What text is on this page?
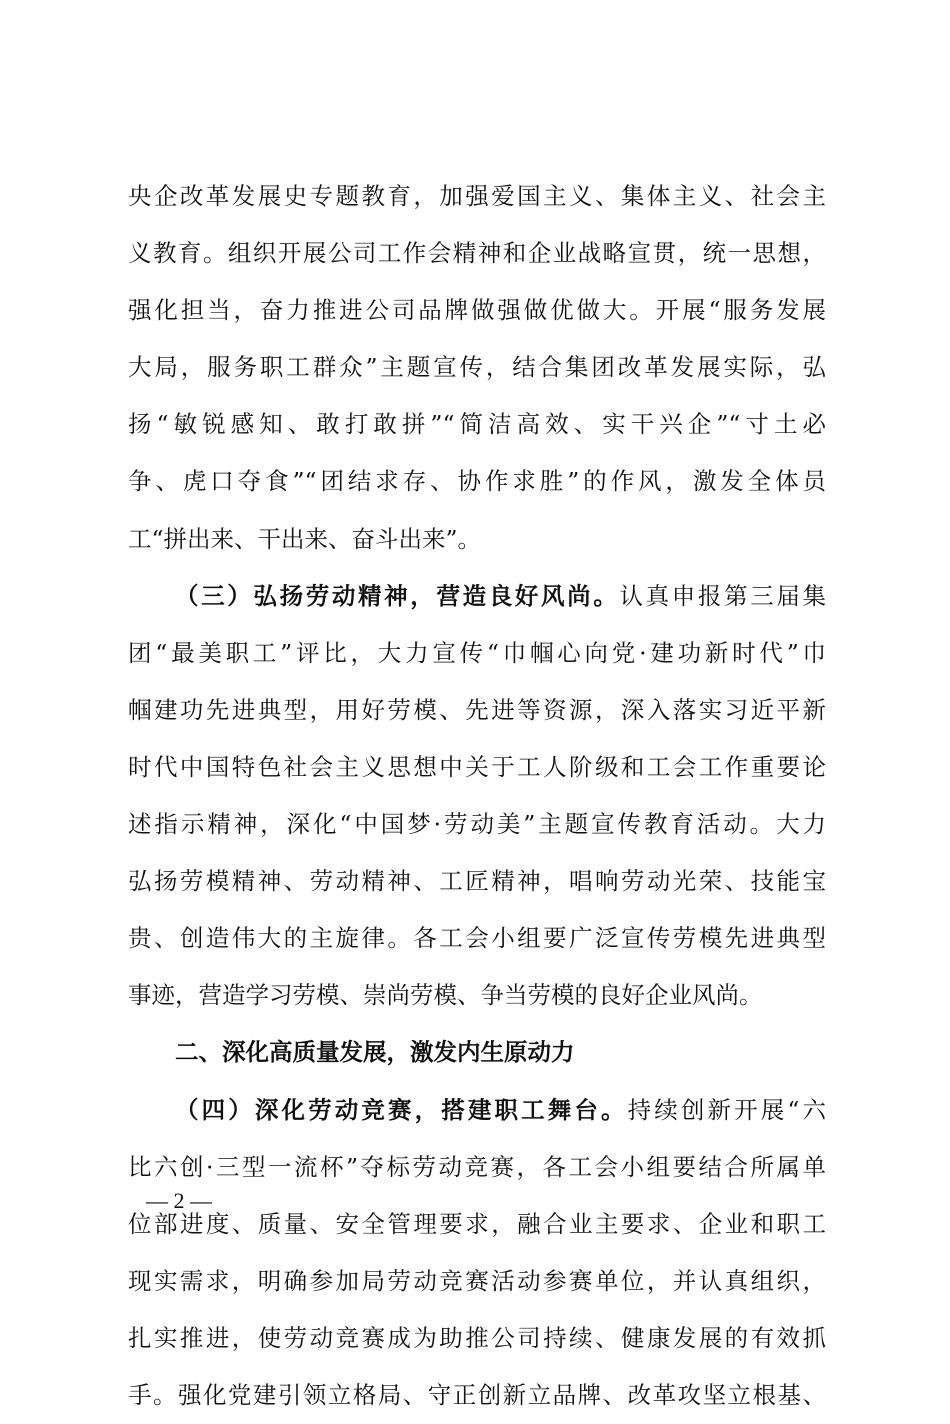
央企改革发展史专题教育，加强爱国主义、集体主义、社会主
义教育。组织开展公司工作会精神和企业战略宣贯，统一思想，
强化担当，奋力推进公司品牌做强做优做大。开展“服务发展
大局，服务职工群众”主题宣传，结合集团改革发展实际，弘
扬“敏锐感知、敢打敢拼”“简洁高效、实干兴企”“寸土必
争、虎口夺食”“团结求存、协作求胜”的作风，激发全体员
工“拼出来、干出来、奋斗出来”。
（三）弘扬劳动精神，营造良好风尚。认真申报第三届集
团“最美职工”评比，大力宣传“巾帼心向党·建功新时代”巾
帼建功先进典型，用好劳模、先进等资源，深入落实习近平新
时代中国特色社会主义思想中关于工人阶级和工会工作重要论
述指示精神，深化“中国梦·劳动美”主题宣传教育活动。大力
弘扬劳模精神、劳动精神、工匠精神，唱响劳动光荣、技能宝
贵、创造伟大的主旋律。各工会小组要广泛宣传劳模先进典型
事迹，营造学习劳模、崇尚劳模、争当劳模的良好企业风尚。
二、深化高质量发展，激发内生原动力
（四）深化劳动竞赛，搭建职工舞台。持续创新开展“六
比六创·三型一流杯”夺标劳动竞赛，各工会小组要结合所属单
位部进度、质量、安全管理要求，融合业主要求、企业和职工
现实需求，明确参加局劳动竞赛活动参赛单位，并认真组织，
扎实推进，使劳动竞赛成为助推公司持续、健康发展的有效抓
手。强化党建引领立格局、守正创新立品牌、改革攻坚立根基、
— 2 —
